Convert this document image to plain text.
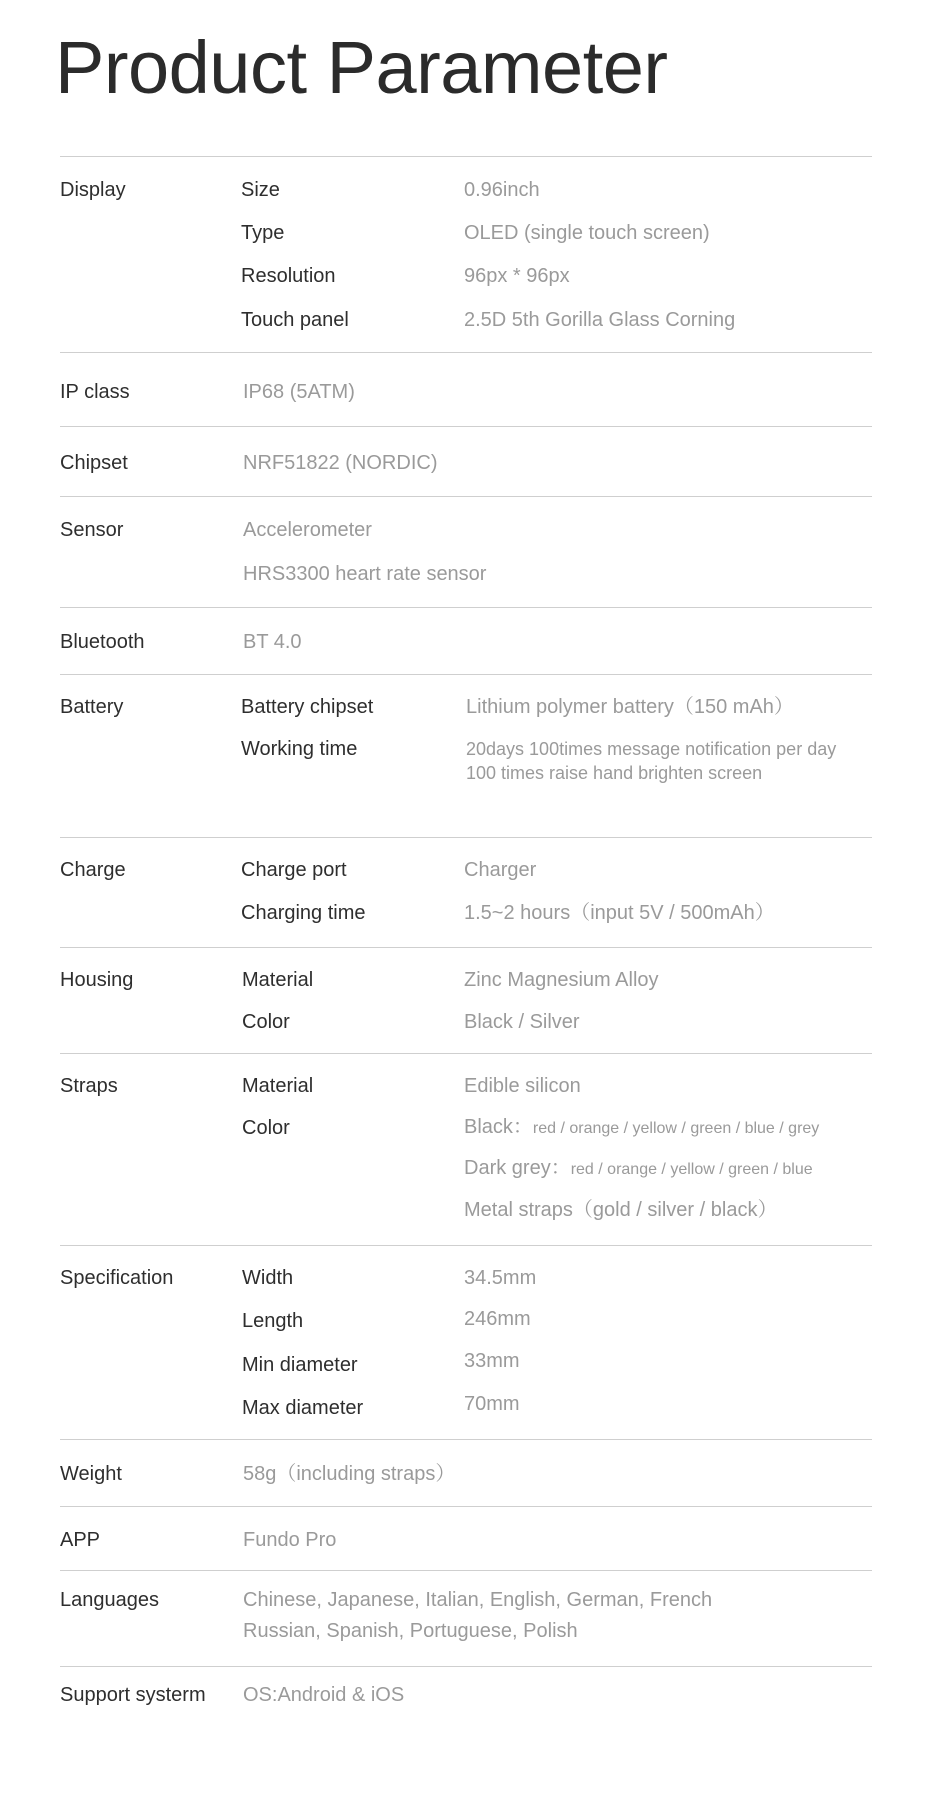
Product Parameter
Display	Size	0.96inch
Type	OLED (single touch screen)
Resolution	96px * 96px
Touch panel	2.5D 5th Gorilla Glass Corning
IP class	IP68 (5ATM)
Chipset	NRF51822 (NORDIC)
Sensor	Accelerometer
HRS3300 heart rate sensor
Bluetooth	BT 4.0
Battery	Battery chipset	Lithium polymer battery（150 mAh）
Working time	20days 100times message notification per day
100 times raise hand brighten screen
Charge	Charge port	Charger
Charging time	1.5~2 hours（input 5V / 500mAh）
Housing	Material	Zinc Magnesium Alloy
Color	Black / Silver
Straps	Material	Edible silicon
Color	Black：red / orange / yellow / green / blue / grey
Dark grey：red / orange / yellow / green / blue
Metal straps（gold / silver / black）
Specification	Width	34.5mm
Length	246mm
Min diameter	33mm
Max diameter	70mm
Weight	58g（including straps）
APP	Fundo Pro
Languages	Chinese, Japanese, Italian, English, German, French
Russian, Spanish, Portuguese, Polish
Support systerm OS:Android & iOS
